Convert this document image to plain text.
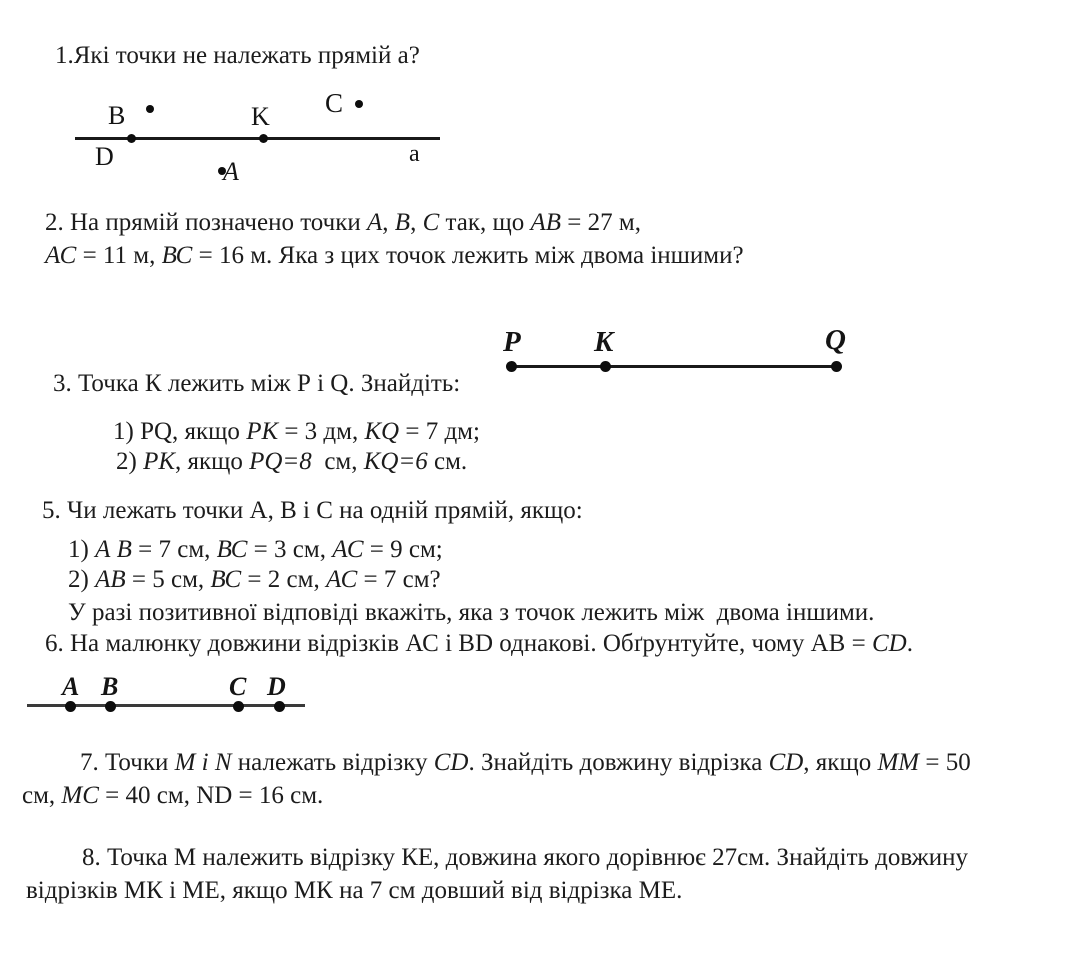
1.Які точки не належать прямій а?
B
D
K C
A
a
2. На прямій позначено точки А, В, С так, що АВ = 27 м,
АС = 11 м, ВС = 16 м. Яка з цих точок лежить між двома іншими?
P	K	Q
3. Точка К лежить між Р і Q. Знайдіть:
1) PQ, якщо РК = 3 дм, КQ = 7 дм;
2) РК, якщо PQ=8  см, КQ=6 см.
5. Чи лежать точки А, В і С на одній прямій, якщо:
1) А В = 7 см, ВС = 3 см, АС = 9 см;
2) АВ = 5 см, ВС = 2 см, АС = 7 см?
У разі позитивної відповіді вкажіть, яка з точок лежить між  двома іншими.
6. На малюнку довжини відрізків АС і BD однакові. Обґрунтуйте, чому АВ = CD.
A B	C D
7. Точки М і N належать відрізку CD. Знайдіть довжину відрізка CD, якщо ММ = 50
см, МС = 40 см, ND = 16 см.
8. Точка М належить відрізку КЕ, довжина якого дорівнює 27см. Знайдіть довжину
відрізків МК і МЕ, якщо МК на 7 см довший від відрізка МЕ.
